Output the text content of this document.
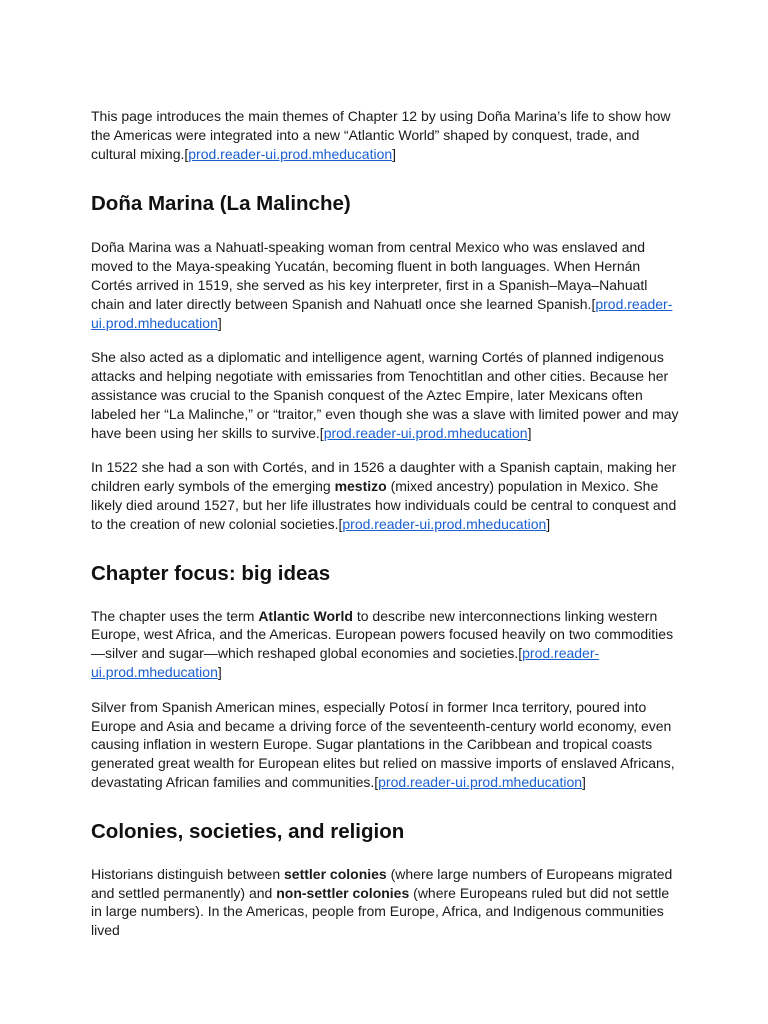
This page introduces the main themes of Chapter 12 by using Doña Marina’s life to show how the Americas were integrated into a new “Atlantic World” shaped by conquest, trade, and cultural mixing.[prod.reader-ui.prod.mheducation]

Doña Marina (La Malinche)

Doña Marina was a Nahuatl-speaking woman from central Mexico who was enslaved and moved to the Maya-speaking Yucatán, becoming fluent in both languages. When Hernán Cortés arrived in 1519, she served as his key interpreter, first in a Spanish–Maya–Nahuatl chain and later directly between Spanish and Nahuatl once she learned Spanish.[prod.reader-ui.prod.mheducation]

She also acted as a diplomatic and intelligence agent, warning Cortés of planned indigenous attacks and helping negotiate with emissaries from Tenochtitlan and other cities. Because her assistance was crucial to the Spanish conquest of the Aztec Empire, later Mexicans often labeled her “La Malinche,” or “traitor,” even though she was a slave with limited power and may have been using her skills to survive.[prod.reader-ui.prod.mheducation]

In 1522 she had a son with Cortés, and in 1526 a daughter with a Spanish captain, making her children early symbols of the emerging mestizo (mixed ancestry) population in Mexico. She likely died around 1527, but her life illustrates how individuals could be central to conquest and to the creation of new colonial societies.[prod.reader-ui.prod.mheducation]

Chapter focus: big ideas

The chapter uses the term Atlantic World to describe new interconnections linking western Europe, west Africa, and the Americas. European powers focused heavily on two commodities—silver and sugar—which reshaped global economies and societies.[prod.reader-ui.prod.mheducation]

Silver from Spanish American mines, especially Potosí in former Inca territory, poured into Europe and Asia and became a driving force of the seventeenth-century world economy, even causing inflation in western Europe. Sugar plantations in the Caribbean and tropical coasts generated great wealth for European elites but relied on massive imports of enslaved Africans, devastating African families and communities.[prod.reader-ui.prod.mheducation]

Colonies, societies, and religion

Historians distinguish between settler colonies (where large numbers of Europeans migrated and settled permanently) and non-settler colonies (where Europeans ruled but did not settle in large numbers). In the Americas, people from Europe, Africa, and Indigenous communities lived
